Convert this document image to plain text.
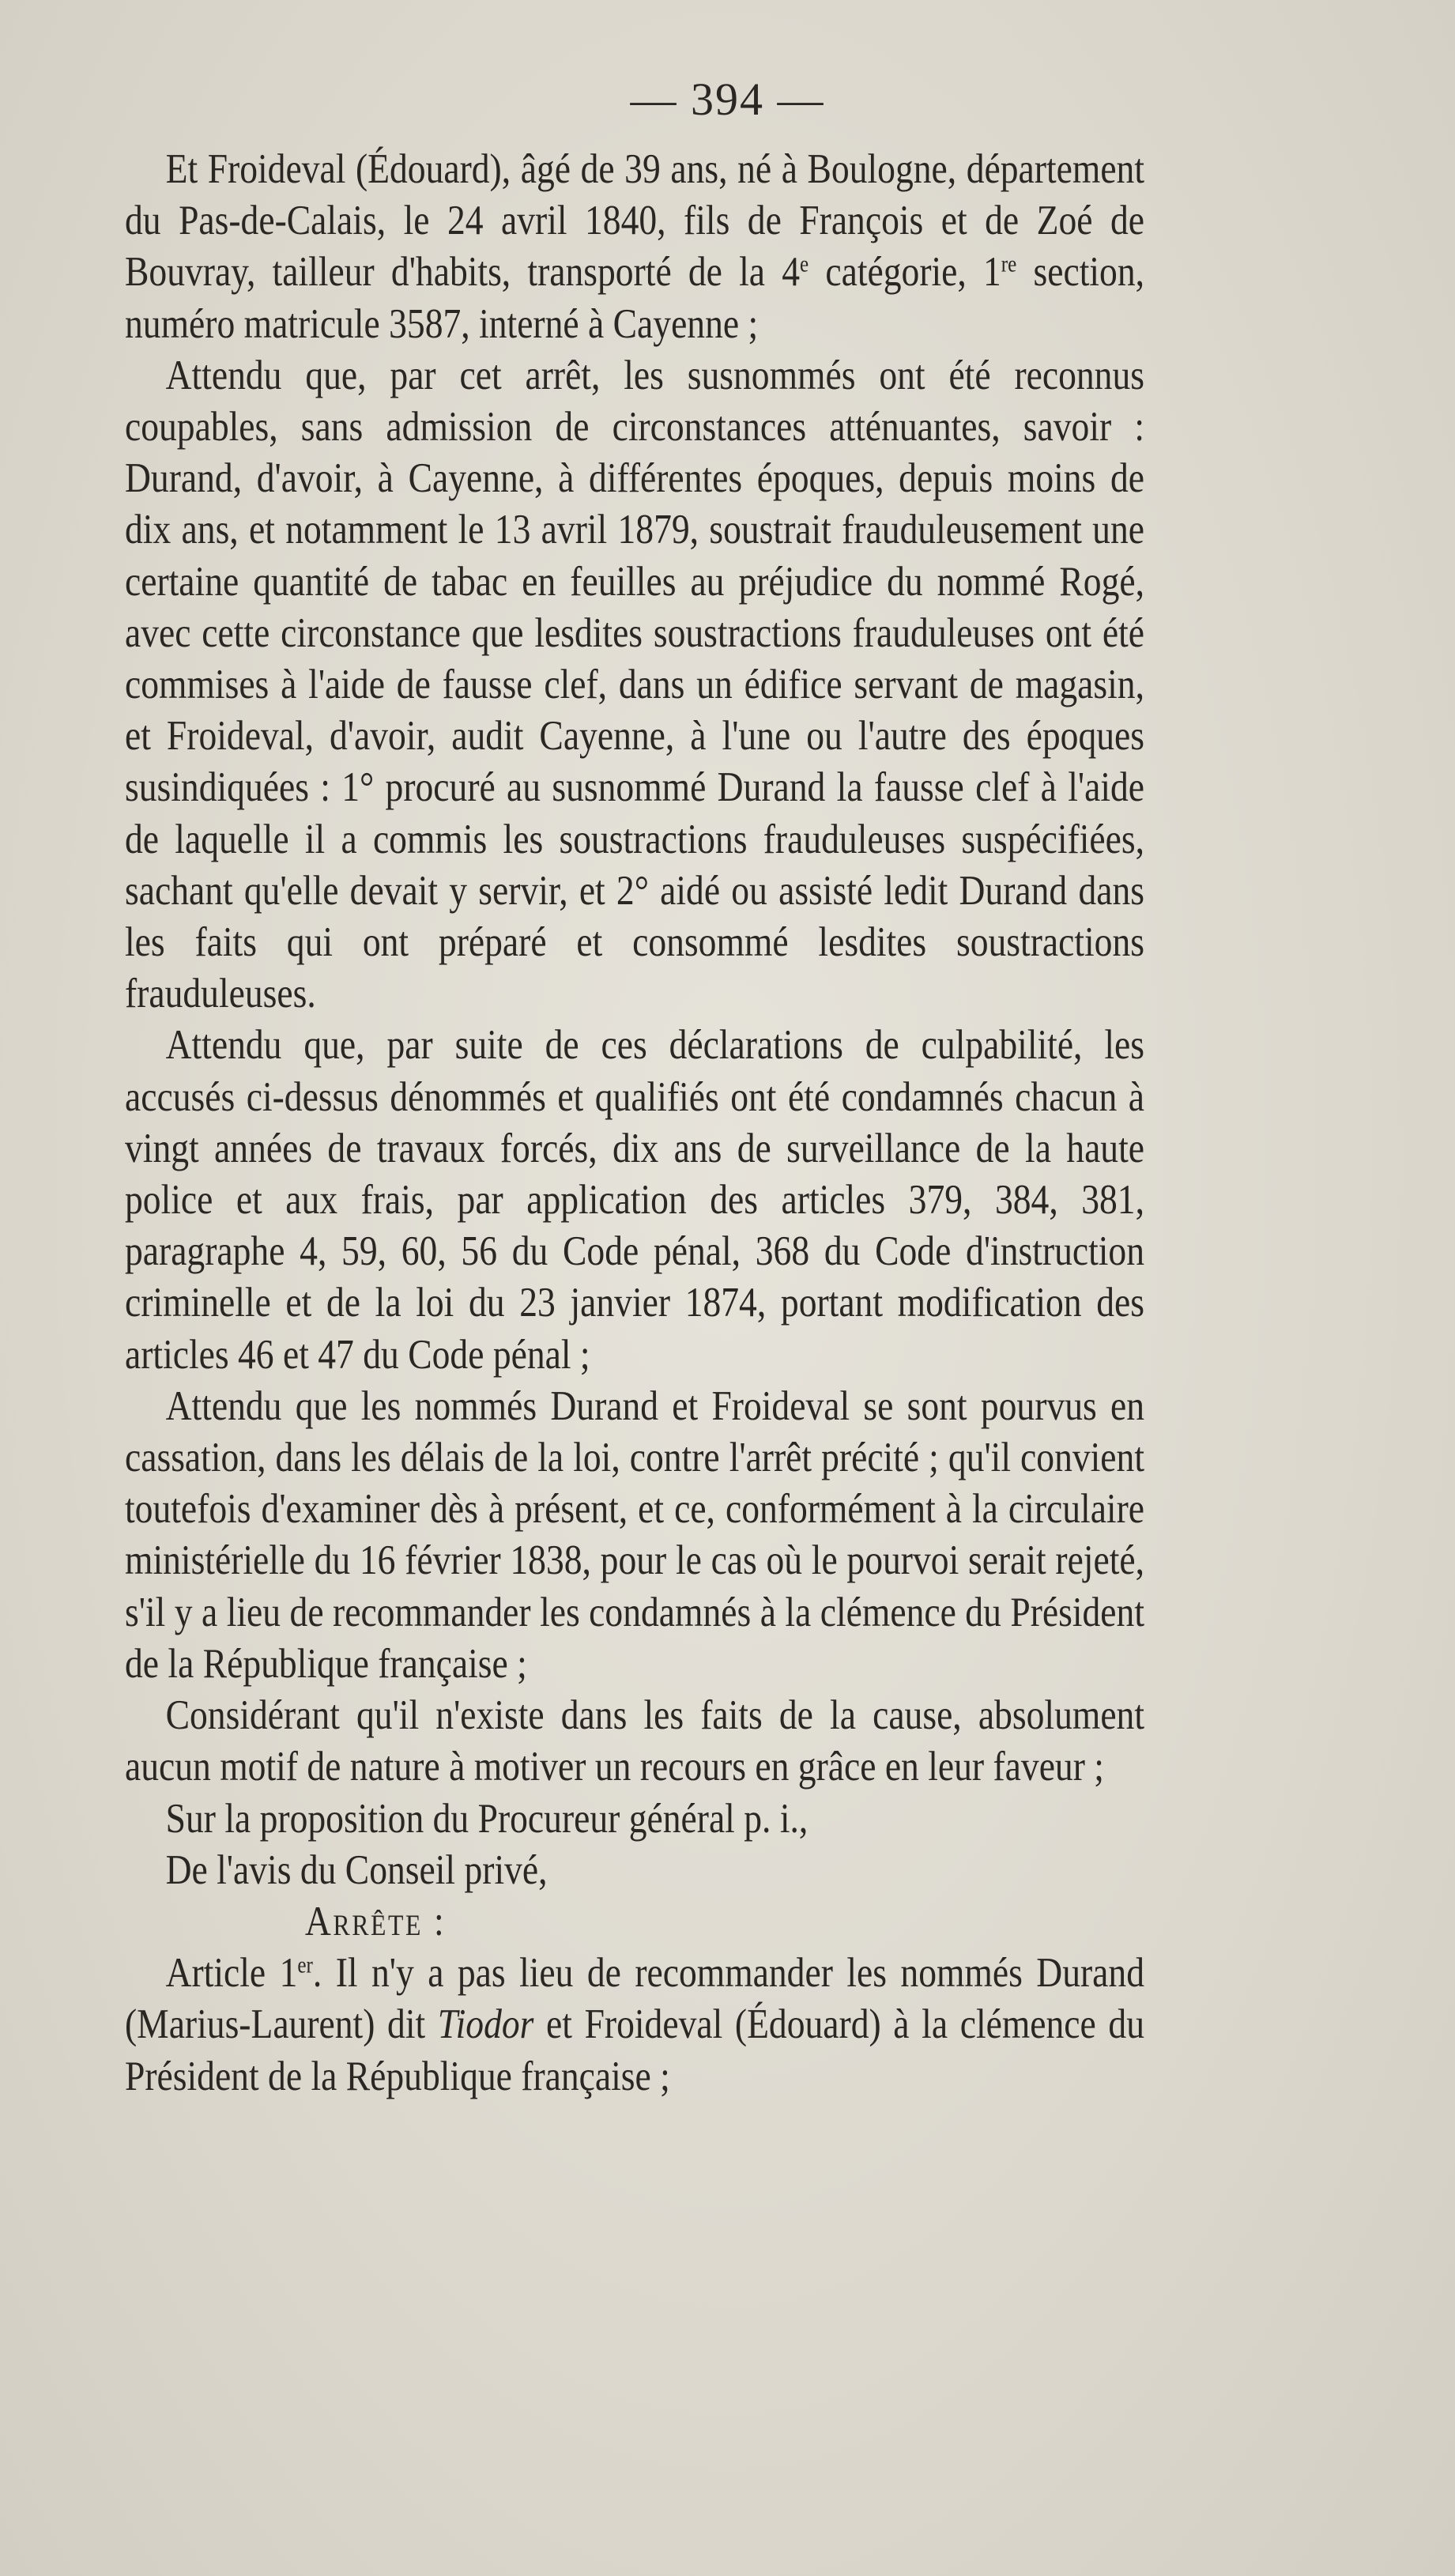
— 394 —

Et Froideval (Édouard), âgé de 39 ans, né à Boulogne, département du Pas-de-Calais, le 24 avril 1840, fils de François et de Zoé de Bouvray, tailleur d'habits, transporté de la 4e catégorie, 1re section, numéro matricule 3587, interné à Cayenne ;

Attendu que, par cet arrêt, les susnommés ont été reconnus coupables, sans admission de circonstances atténuantes, savoir : Durand, d'avoir, à Cayenne, à différentes époques, depuis moins de dix ans, et notamment le 13 avril 1879, soustrait frauduleusement une certaine quantité de tabac en feuilles au préjudice du nommé Rogé, avec cette circonstance que lesdites soustractions frauduleuses ont été commises à l'aide de fausse clef, dans un édifice servant de magasin, et Froideval, d'avoir, audit Cayenne, à l'une ou l'autre des époques susindiquées : 1° procuré au susnommé Durand la fausse clef à l'aide de laquelle il a commis les soustractions frauduleuses suspécifiées, sachant qu'elle devait y servir, et 2° aidé ou assisté ledit Durand dans les faits qui ont préparé et consommé lesdites soustractions frauduleuses.

Attendu que, par suite de ces déclarations de culpabilité, les accusés ci-dessus dénommés et qualifiés ont été condamnés chacun à vingt années de travaux forcés, dix ans de surveillance de la haute police et aux frais, par application des articles 379, 384, 381, paragraphe 4, 59, 60, 56 du Code pénal, 368 du Code d'instruction criminelle et de la loi du 23 janvier 1874, portant modification des articles 46 et 47 du Code pénal ;

Attendu que les nommés Durand et Froideval se sont pourvus en cassation, dans les délais de la loi, contre l'arrêt précité ; qu'il convient toutefois d'examiner dès à présent, et ce, conformément à la circulaire ministérielle du 16 février 1838, pour le cas où le pourvoi serait rejeté, s'il y a lieu de recommander les condamnés à la clémence du Président de la République française ;

Considérant qu'il n'existe dans les faits de la cause, absolument aucun motif de nature à motiver un recours en grâce en leur faveur ;

Sur la proposition du Procureur général p. i.,

De l'avis du Conseil privé,

Arrête :

Article 1er. Il n'y a pas lieu de recommander les nommés Durand (Marius-Laurent) dit Tiodor et Froideval (Édouard) à la clémence du Président de la République française ;
